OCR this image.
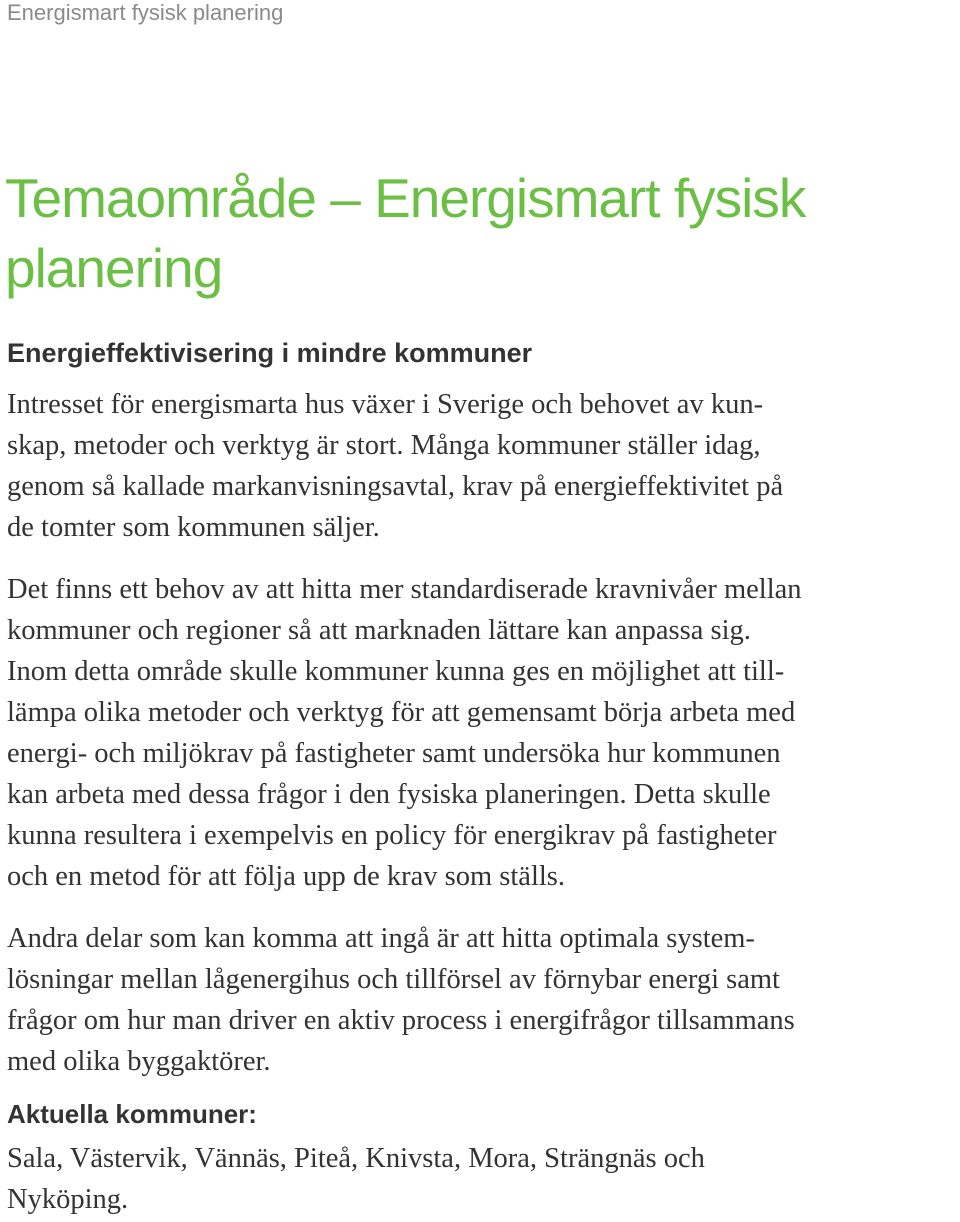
Energismart fysisk planering
Temaområde – Energismart fysisk
planering
Energieffektivisering i mindre kommuner

Intresset för energismarta hus växer i Sverige och behovet av kun-
skap, metoder och verktyg är stort. Många kommuner ställer idag,
genom så kallade markanvisningsavtal, krav på energieffektivitet på
de tomter som kommunen säljer.

Det finns ett behov av att hitta mer standardiserade kravnivåer mellan
kommuner och regioner så att marknaden lättare kan anpassa sig.
Inom detta område skulle kommuner kunna ges en möjlighet att till-
lämpa olika metoder och verktyg för att gemensamt börja arbeta med
energi- och miljökrav på fastigheter samt undersöka hur kommunen
kan arbeta med dessa frågor i den fysiska planeringen. Detta skulle
kunna resultera i exempelvis en policy för energikrav på fastigheter
och en metod för att följa upp de krav som ställs.

Andra delar som kan komma att ingå är att hitta optimala system-
lösningar mellan lågenergihus och tillförsel av förnybar energi samt
frågor om hur man driver en aktiv process i energifrågor tillsammans
med olika byggaktörer.

Aktuella kommuner:

Sala, Västervik, Vännäs, Piteå, Knivsta, Mora, Strängnäs och
Nyköping.
